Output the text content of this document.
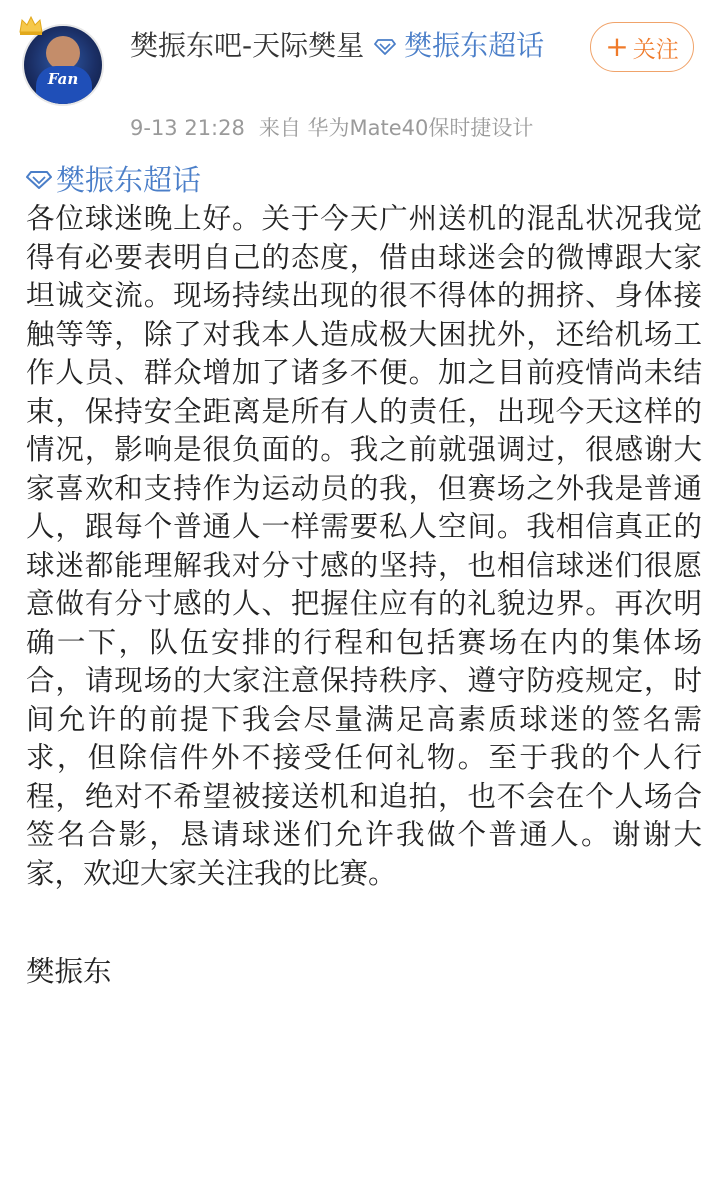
Fan
樊振东吧-天际樊星 樊振东超话
9-13 21:28 来自 华为Mate40保时捷设计
+ 关注
樊振东超话

各位球迷晚上好。关于今天广州送机的混乱状况我觉得有必要表明自己的态度，借由球迷会的微博跟大家坦诚交流。现场持续出现的很不得体的拥挤、身体接触等等，除了对我本人造成极大困扰外，还给机场工作人员、群众增加了诸多不便。加之目前疫情尚未结束，保持安全距离是所有人的责任，出现今天这样的情况，影响是很负面的。我之前就强调过，很感谢大家喜欢和支持作为运动员的我，但赛场之外我是普通人，跟每个普通人一样需要私人空间。我相信真正的球迷都能理解我对分寸感的坚持，也相信球迷们很愿意做有分寸感的人、把握住应有的礼貌边界。再次明确一下，队伍安排的行程和包括赛场在内的集体场合，请现场的大家注意保持秩序、遵守防疫规定，时间允许的前提下我会尽量满足高素质球迷的签名需求，但除信件外不接受任何礼物。至于我的个人行程，绝对不希望被接送机和追拍，也不会在个人场合签名合影，恳请球迷们允许我做个普通人。谢谢大家，欢迎大家关注我的比赛。

樊振东
